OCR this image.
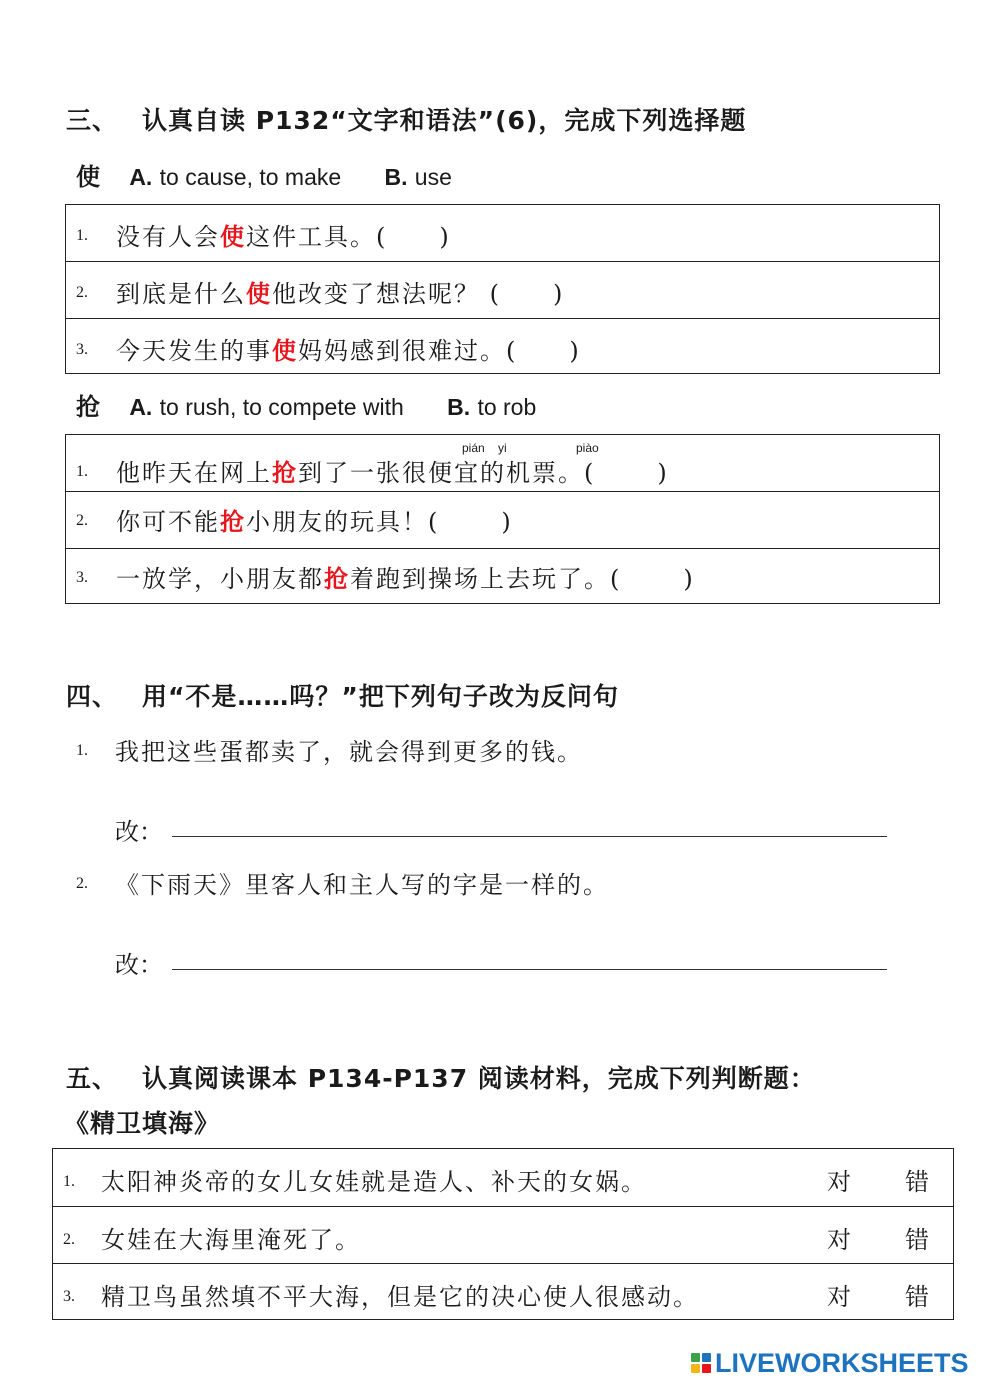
三、 认真自读 P132“文字和语法”(6)，完成下列选择题
使 A. to cause, to make B. use
1. 没有人会使这件工具。( )
2. 到底是什么使他改变了想法呢？ ( )
3. 今天发生的事使妈妈感到很难过。( )
抢 A. to rush, to compete with B. to rob
pián yi	piào
1. 他昨天在网上抢到了一张很便宜的机票。(	)
2. 你可不能抢小朋友的玩具！(	)
3. 一放学，小朋友都抢着跑到操场上去玩了。(	)
四、 用“不是……吗？”把下列句子改为反问句
1. 我把这些蛋都卖了，就会得到更多的钱。
改：
2. 《下雨天》里客人和主人写的字是一样的。
改：
五、 认真阅读课本 P134-P137 阅读材料，完成下列判断题：
《精卫填海》
1. 太阳神炎帝的女儿女娃就是造人、补天的女娲。	对 错
2. 女娃在大海里淹死了。	对 错
3. 精卫鸟虽然填不平大海，但是它的决心使人很感动。	对 错
LIVEWORKSHEETS
